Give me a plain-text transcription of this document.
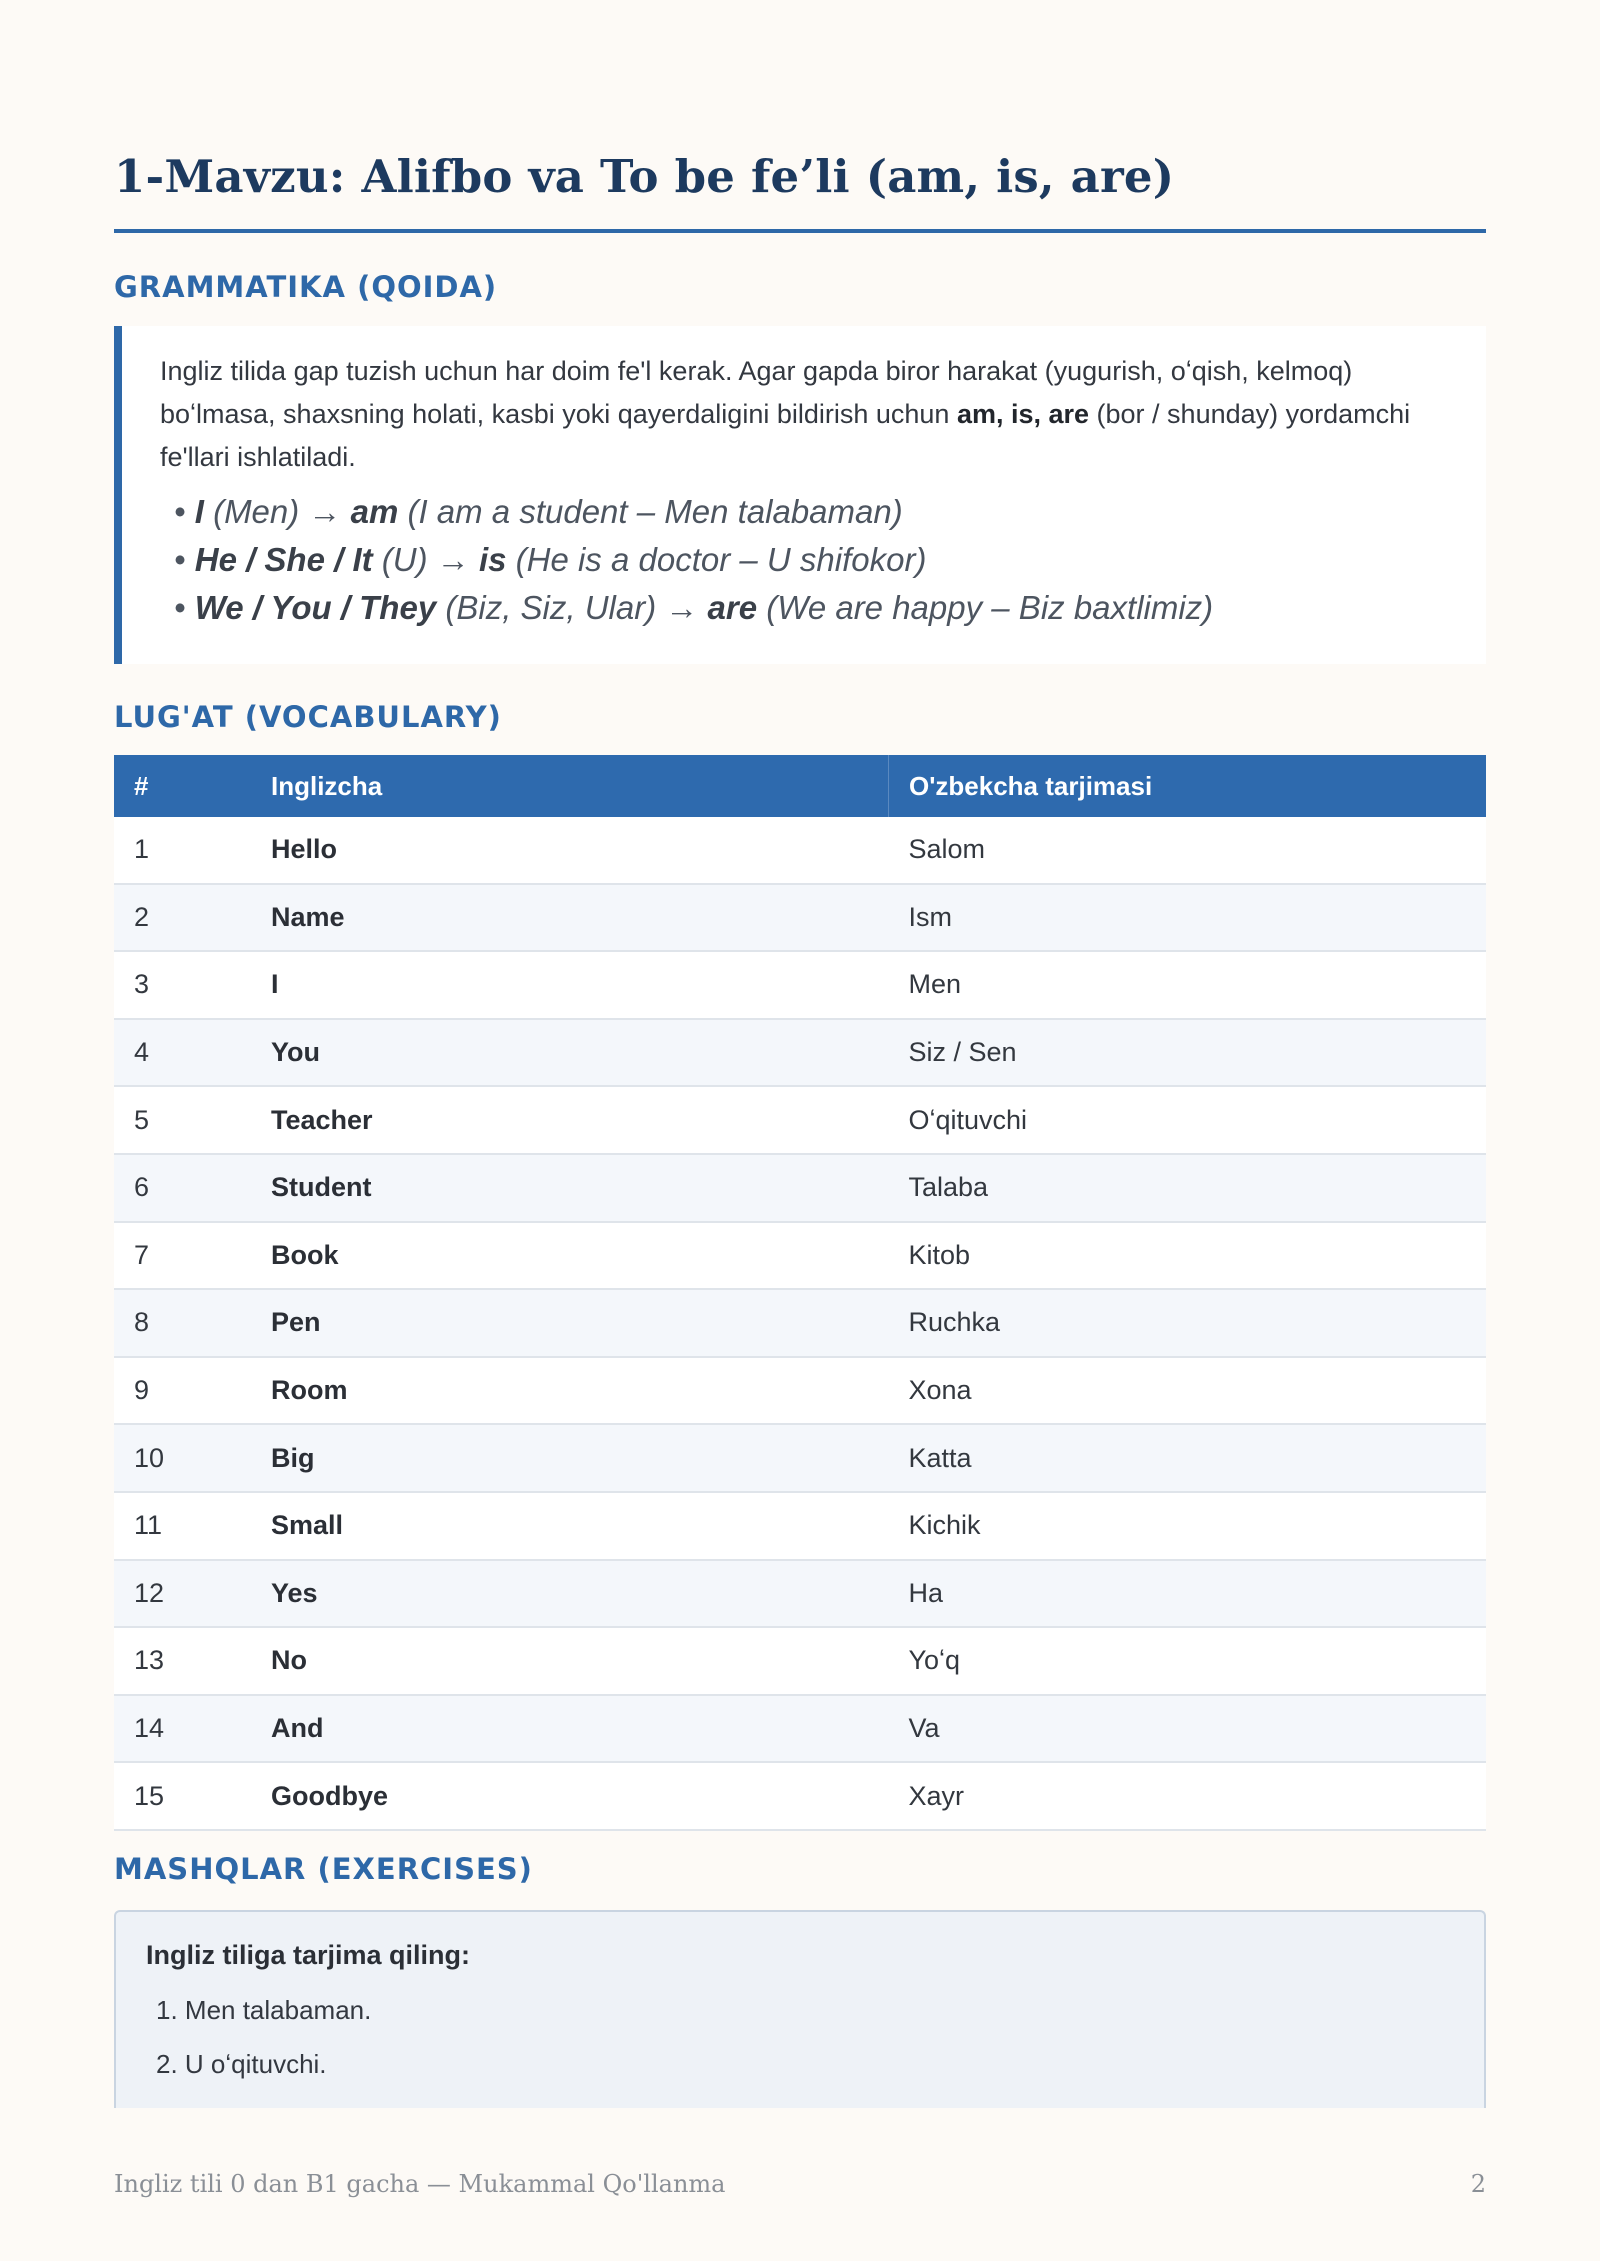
1-Mavzu: Alifbo va To be fe’li (am, is, are)
GRAMMATIKA (QOIDA)
Ingliz tilida gap tuzish uchun har doim fe'l kerak. Agar gapda biror harakat (yugurish, oʻqish, kelmoq) boʻlmasa, shaxsning holati, kasbi yoki qayerdaligini bildirish uchun am, is, are (bor / shunday) yordamchi fe'llari ishlatiladi.
• I (Men) → am (I am a student – Men talabaman)
• He / She / It (U) → is (He is a doctor – U shifokor)
• We / You / They (Biz, Siz, Ular) → are (We are happy – Biz baxtlimiz)
LUG'AT (VOCABULARY)
#	Inglizcha	O'zbekcha tarjimasi
1	Hello	Salom
2	Name	Ism
3	I	Men
4	You	Siz / Sen
5	Teacher	Oʻqituvchi
6	Student	Talaba
7	Book	Kitob
8	Pen	Ruchka
9	Room	Xona
10	Big	Katta
11	Small	Kichik
12	Yes	Ha
13	No	Yoʻq
14	And	Va
15	Goodbye	Xayr
MASHQLAR (EXERCISES)
Ingliz tiliga tarjima qiling:
1. Men talabaman.
2. U oʻqituvchi.
Ingliz tili 0 dan B1 gacha — Mukammal Qo'llanma	2
